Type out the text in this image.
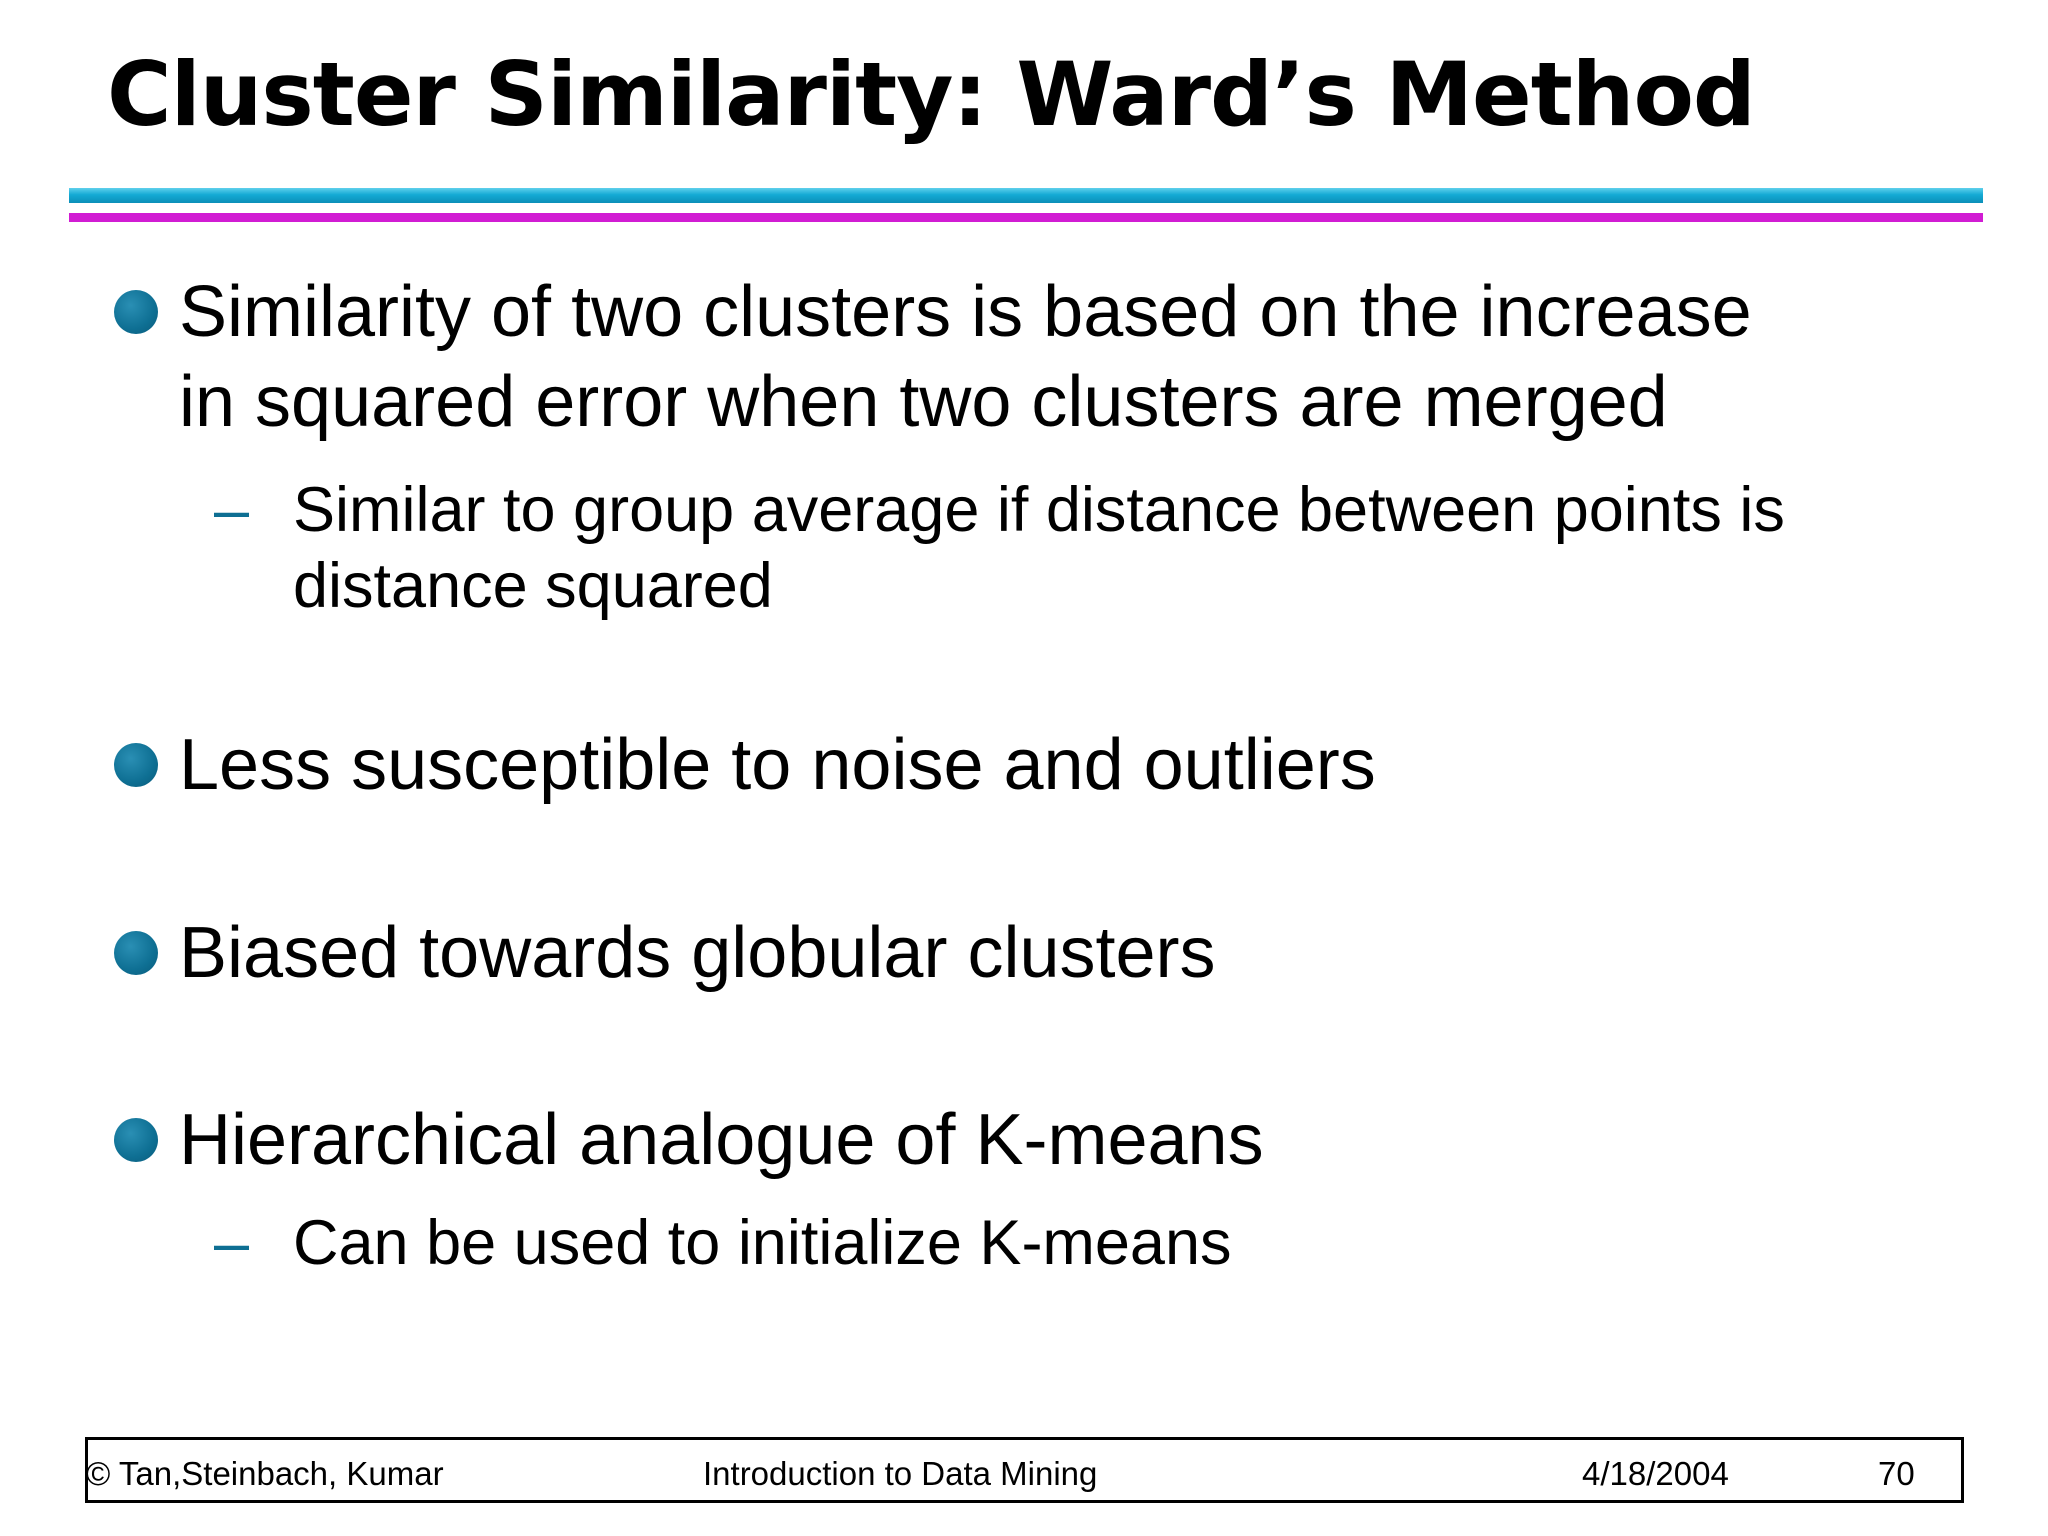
Cluster Similarity: Ward’s Method
Similarity of two clusters is based on the increase
in squared error when two clusters are merged
– Similar to group average if distance between points is
distance squared
Less susceptible to noise and outliers
Biased towards globular clusters
Hierarchical analogue of K-means
– Can be used to initialize K-means
© Tan,Steinbach, Kumar	Introduction to Data Mining	4/18/2004	70
